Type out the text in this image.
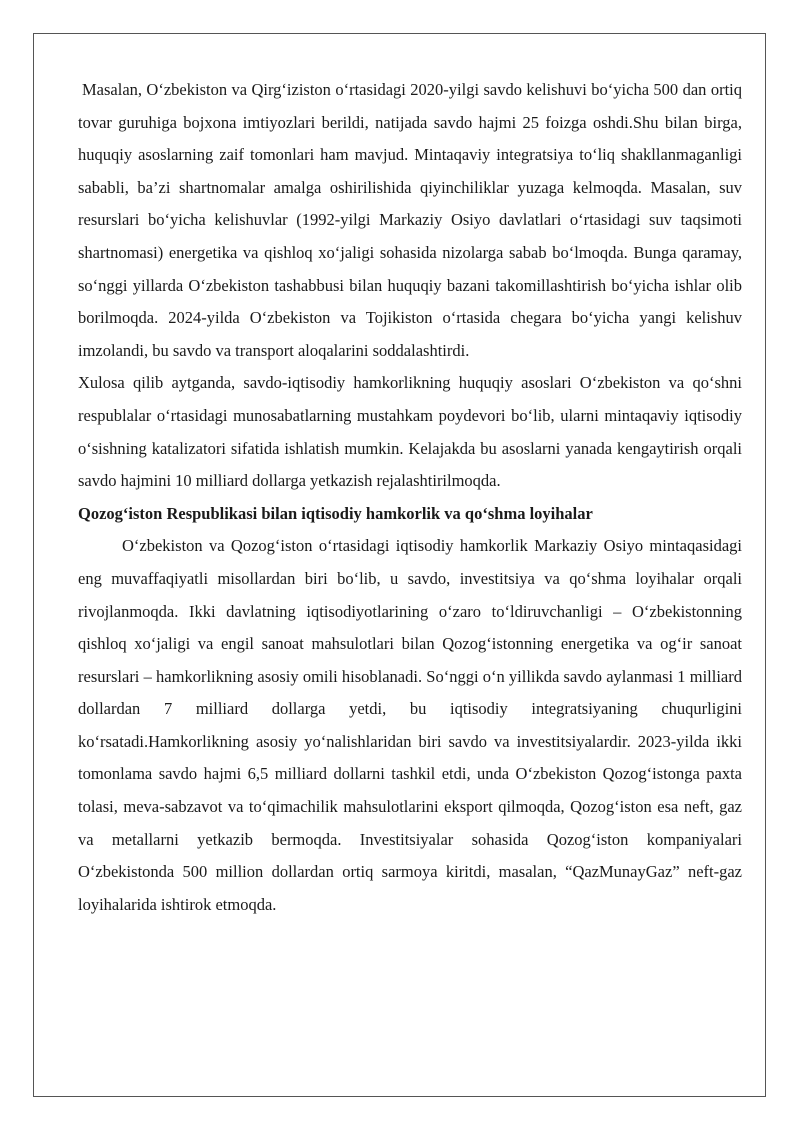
Masalan, O‘zbekiston va Qirg‘iziston o‘rtasidagi 2020-yilgi savdo kelishuvi bo‘yicha 500 dan ortiq tovar guruhiga bojxona imtiyozlari berildi, natijada savdo hajmi 25 foizga oshdi.Shu bilan birga, huquqiy asoslarning zaif tomonlari ham mavjud. Mintaqaviy integratsiya to‘liq shakllanmaganligi sababli, ba’zi shartnomalar amalga oshirilishida qiyinchiliklar yuzaga kelmoqda. Masalan, suv resurslari bo‘yicha kelishuvlar (1992-yilgi Markaziy Osiyo davlatlari o‘rtasidagi suv taqsimoti shartnomasi) energetika va qishloq xo‘jaligi sohasida nizolarga sabab bo‘lmoqda. Bunga qaramay, so‘nggi yillarda O‘zbekiston tashabbusi bilan huquqiy bazani takomillashtirish bo‘yicha ishlar olib borilmoqda. 2024-yilda O‘zbekiston va Tojikiston o‘rtasida chegara bo‘yicha yangi kelishuv imzolandi, bu savdo va transport aloqalarini soddalashtirdi.

Xulosa qilib aytganda, savdo-iqtisodiy hamkorlikning huquqiy asoslari O‘zbekiston va qo‘shni respublalar o‘rtasidagi munosabatlarning mustahkam poydevori bo‘lib, ularni mintaqaviy iqtisodiy o‘sishning katalizatori sifatida ishlatish mumkin. Kelajakda bu asoslarni yanada kengaytirish orqali savdo hajmini 10 milliard dollarga yetkazish rejalashtirilmoqda.

Qozog‘iston Respublikasi bilan iqtisodiy hamkorlik va qo‘shma loyihalar

O‘zbekiston va Qozog‘iston o‘rtasidagi iqtisodiy hamkorlik Markaziy Osiyo mintaqasidagi eng muvaffaqiyatli misollardan biri bo‘lib, u savdo, investitsiya va qo‘shma loyihalar orqali rivojlanmoqda. Ikki davlatning iqtisodiyotlarining o‘zaro to‘ldiruvchanligi – O‘zbekistonning qishloq xo‘jaligi va engil sanoat mahsulotlari bilan Qozog‘istonning energetika va og‘ir sanoat resurslari – hamkorlikning asosiy omili hisoblanadi. So‘nggi o‘n yillikda savdo aylanmasi 1 milliard dollardan 7 milliard dollarga yetdi, bu iqtisodiy integratsiyaning chuqurligini ko‘rsatadi.Hamkorlikning asosiy yo‘nalishlaridan biri savdo va investitsiyalardir. 2023-yilda ikki tomonlama savdo hajmi 6,5 milliard dollarni tashkil etdi, unda O‘zbekiston Qozog‘istonga paxta tolasi, meva-sabzavot va to‘qimachilik mahsulotlarini eksport qilmoqda, Qozog‘iston esa neft, gaz va metallarni yetkazib bermoqda. Investitsiyalar sohasida Qozog‘iston kompaniyalari O‘zbekistonda 500 million dollardan ortiq sarmoya kiritdi, masalan, “QazMunayGaz” neft-gaz loyihalarida ishtirok etmoqda.
